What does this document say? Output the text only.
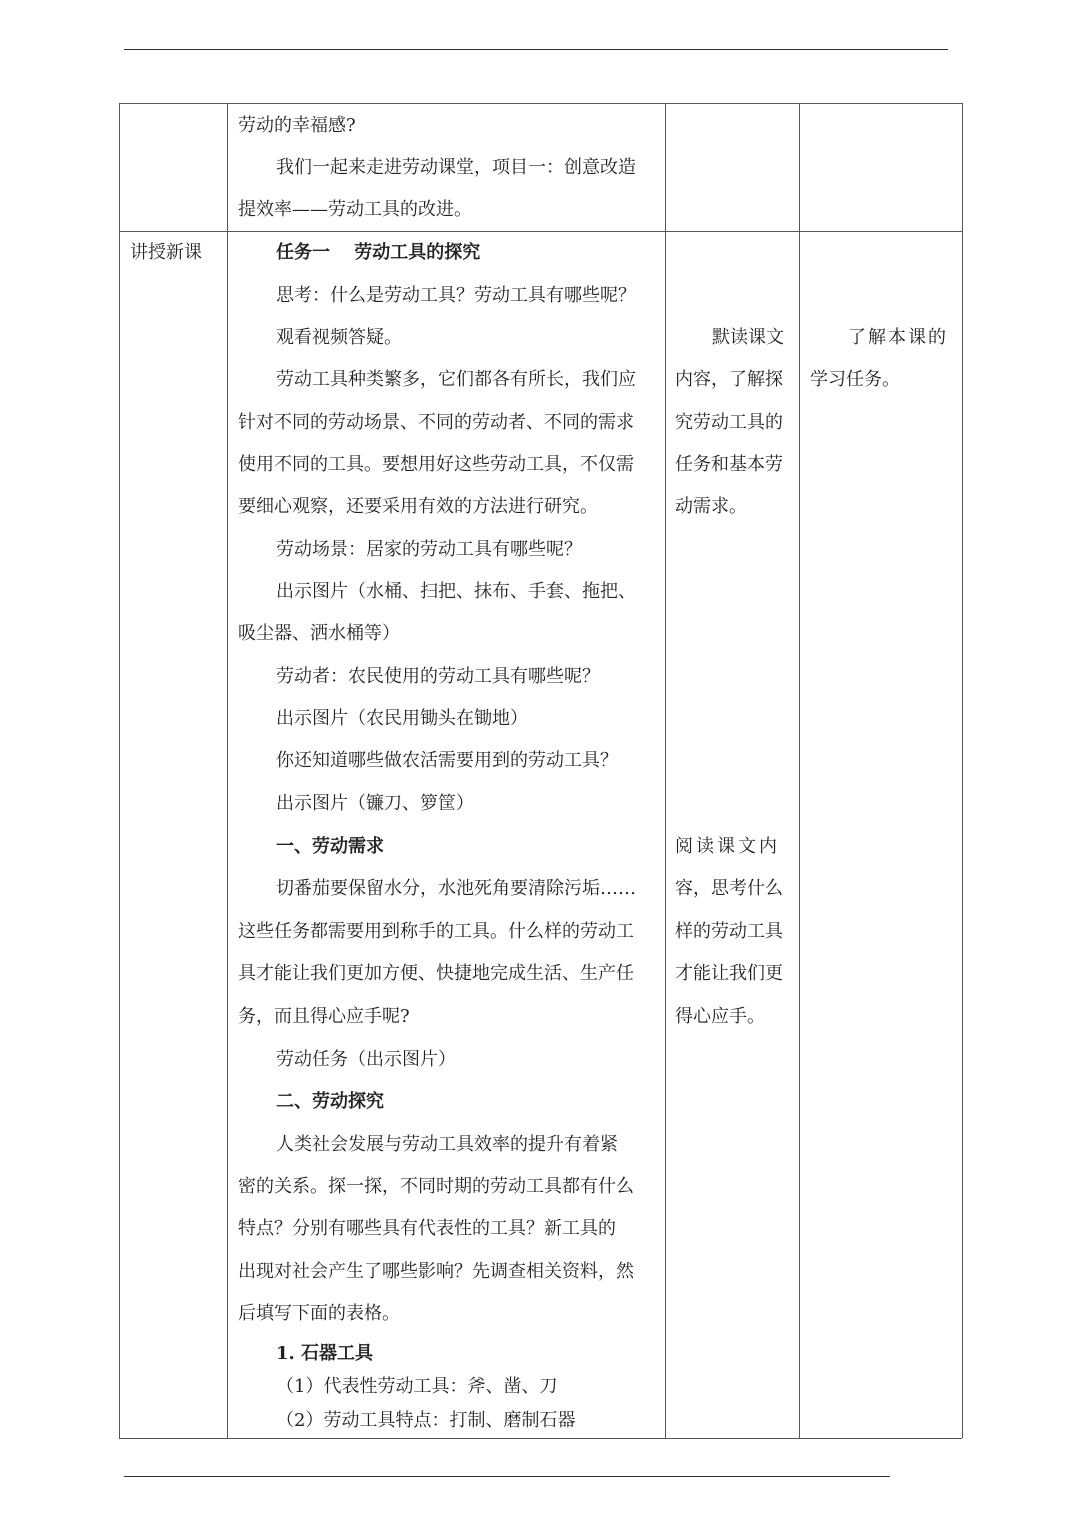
劳动的幸福感?

我们一起来走进劳动课堂，项目一：创意改造

提效率——劳动工具的改进。

讲授新课	任务一　 劳动工具的探究

思考：什么是劳动工具？劳动工具有哪些呢？

观看视频答疑。

劳动工具种类繁多，它们都各有所长，我们应

针对不同的劳动场景、不同的劳动者、不同的需求

使用不同的工具。要想用好这些劳动工具，不仅需

要细心观察，还要采用有效的方法进行研究。

劳动场景：居家的劳动工具有哪些呢？

出示图片（水桶、扫把、抹布、手套、拖把、

吸尘器、洒水桶等）

劳动者：农民使用的劳动工具有哪些呢？

出示图片（农民用锄头在锄地）

你还知道哪些做农活需要用到的劳动工具？

出示图片（镰刀、箩筐）

一、劳动需求

切番茄要保留水分，水池死角要清除污垢……

这些任务都需要用到称手的工具。什么样的劳动工

具才能让我们更加方便、快捷地完成生活、生产任

务，而且得心应手呢?

劳动任务（出示图片）

二、劳动探究

人类社会发展与劳动工具效率的提升有着紧

密的关系。探一探，不同时期的劳动工具都有什么

特点？分别有哪些具有代表性的工具？新工具的

出现对社会产生了哪些影响？先调查相关资料，然

后填写下面的表格。

1. 石器工具

（1）代表性劳动工具：斧、凿、刀

（2）劳动工具特点：打制、磨制石器

默读课文

内容，了解探

究劳动工具的

任务和基本劳

动需求。

阅读课文内

容，思考什么

样的劳动工具

才能让我们更

得心应手。

了解本课的

学习任务。
